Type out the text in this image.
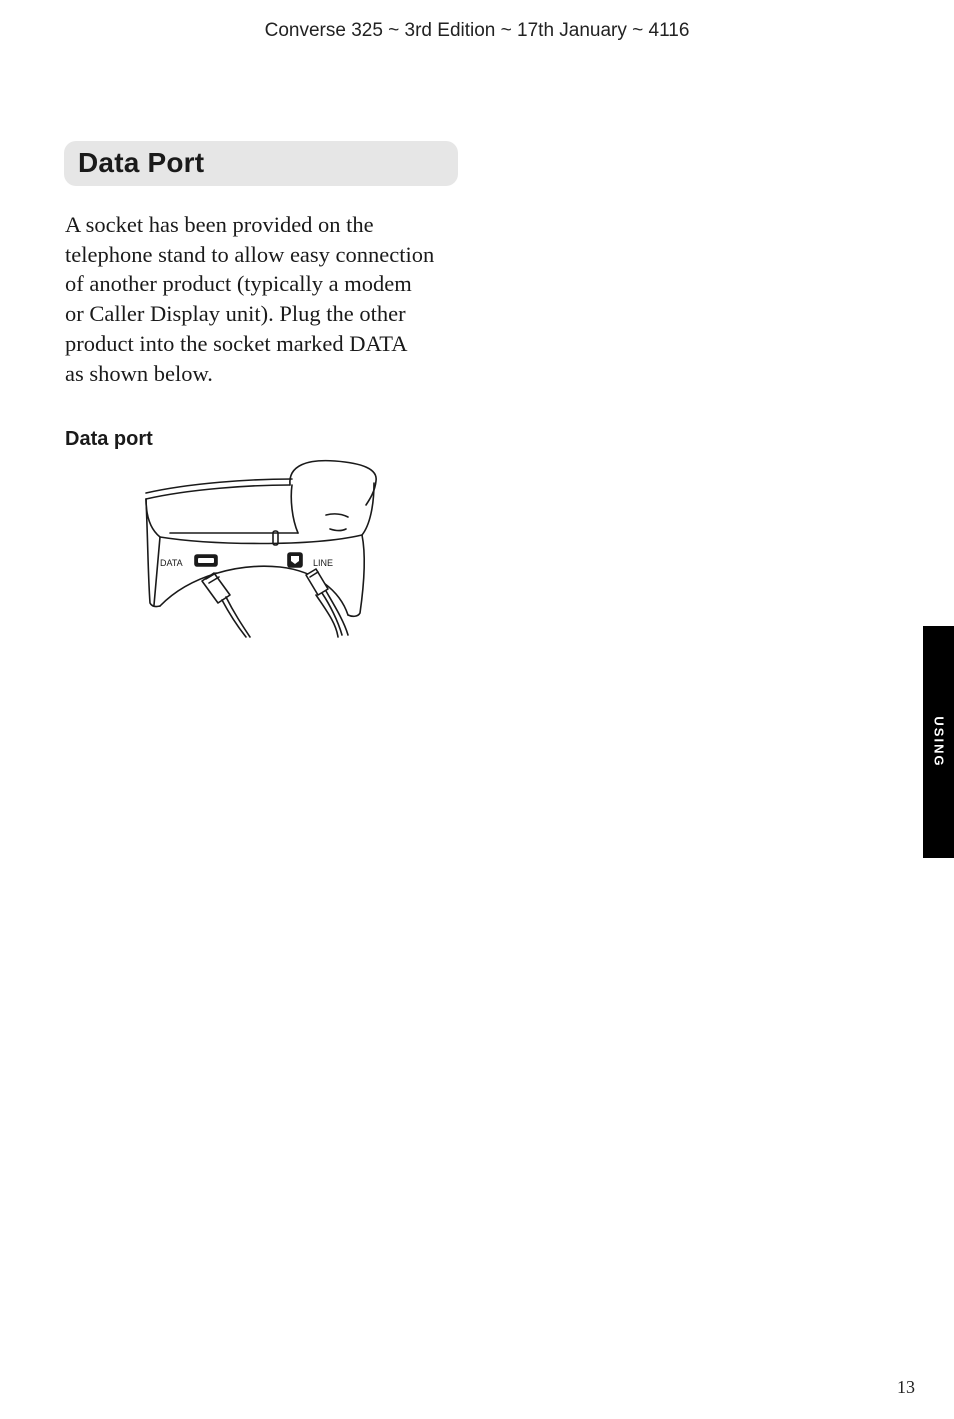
Converse 325 ~ 3rd Edition ~ 17th January ~ 4116
Data Port

A socket has been provided on the
telephone stand to allow easy connection
of another product (typically a modem
or Caller Display unit). Plug the other
product into the socket marked DATA
as shown below.

Data port
DATA	LINE
USING
13
